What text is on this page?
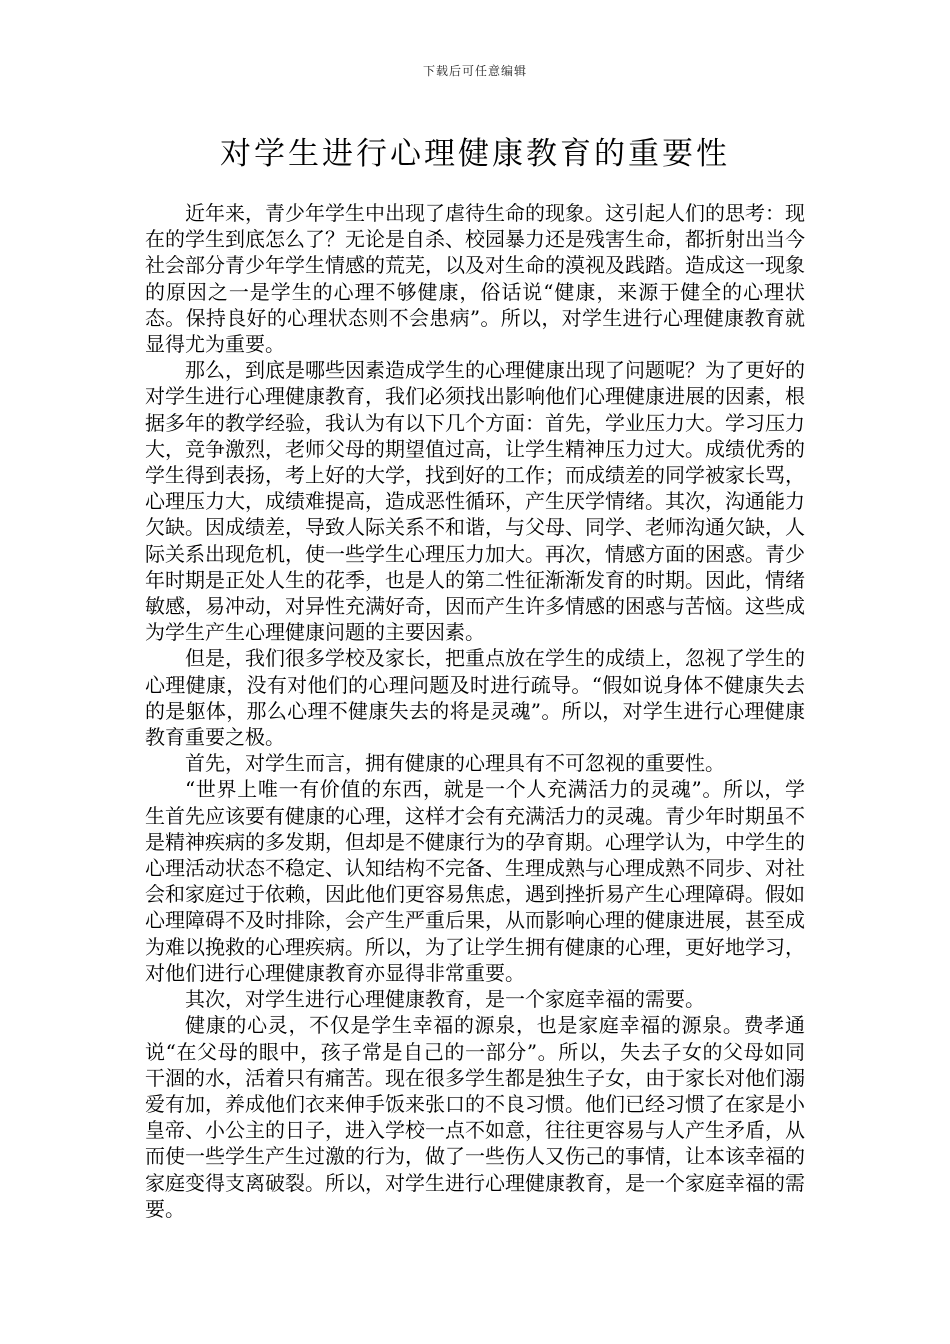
下载后可任意编辑
对学生进行心理健康教育的重要性

近年来，青少年学生中出现了虐待生命的现象。这引起人们的思考：现在的学生到底怎么了？无论是自杀、校园暴力还是残害生命，都折射出当今社会部分青少年学生情感的荒芜，以及对生命的漠视及践踏。造成这一现象的原因之一是学生的心理不够健康，俗话说“健康，来源于健全的心理状态。保持良好的心理状态则不会患病”。所以，对学生进行心理健康教育就显得尤为重要。

那么，到底是哪些因素造成学生的心理健康出现了问题呢？为了更好的对学生进行心理健康教育，我们必须找出影响他们心理健康进展的因素，根据多年的教学经验，我认为有以下几个方面：首先，学业压力大。学习压力大，竞争激烈，老师父母的期望值过高，让学生精神压力过大。成绩优秀的学生得到表扬，考上好的大学，找到好的工作；而成绩差的同学被家长骂，心理压力大，成绩难提高，造成恶性循环，产生厌学情绪。其次，沟通能力欠缺。因成绩差，导致人际关系不和谐，与父母、同学、老师沟通欠缺，人际关系出现危机，使一些学生心理压力加大。再次，情感方面的困惑。青少年时期是正处人生的花季，也是人的第二性征渐渐发育的时期。因此，情绪敏感，易冲动，对异性充满好奇，因而产生许多情感的困惑与苦恼。这些成为学生产生心理健康问题的主要因素。

但是，我们很多学校及家长，把重点放在学生的成绩上，忽视了学生的心理健康，没有对他们的心理问题及时进行疏导。“假如说身体不健康失去的是躯体，那么心理不健康失去的将是灵魂”。所以，对学生进行心理健康教育重要之极。

首先，对学生而言，拥有健康的心理具有不可忽视的重要性。

“世界上唯一有价值的东西，就是一个人充满活力的灵魂”。所以，学生首先应该要有健康的心理，这样才会有充满活力的灵魂。青少年时期虽不是精神疾病的多发期，但却是不健康行为的孕育期。心理学认为，中学生的心理活动状态不稳定、认知结构不完备、生理成熟与心理成熟不同步、对社会和家庭过于依赖，因此他们更容易焦虑，遇到挫折易产生心理障碍。假如心理障碍不及时排除，会产生严重后果，从而影响心理的健康进展，甚至成为难以挽救的心理疾病。所以，为了让学生拥有健康的心理，更好地学习，对他们进行心理健康教育亦显得非常重要。

其次，对学生进行心理健康教育，是一个家庭幸福的需要。

健康的心灵，不仅是学生幸福的源泉，也是家庭幸福的源泉。费孝通说“在父母的眼中，孩子常是自己的一部分”。所以，失去子女的父母如同干涸的水，活着只有痛苦。现在很多学生都是独生子女，由于家长对他们溺爱有加，养成他们衣来伸手饭来张口的不良习惯。他们已经习惯了在家是小皇帝、小公主的日子，进入学校一点不如意，往往更容易与人产生矛盾，从而使一些学生产生过激的行为，做了一些伤人又伤己的事情，让本该幸福的家庭变得支离破裂。所以，对学生进行心理健康教育，是一个家庭幸福的需要。
